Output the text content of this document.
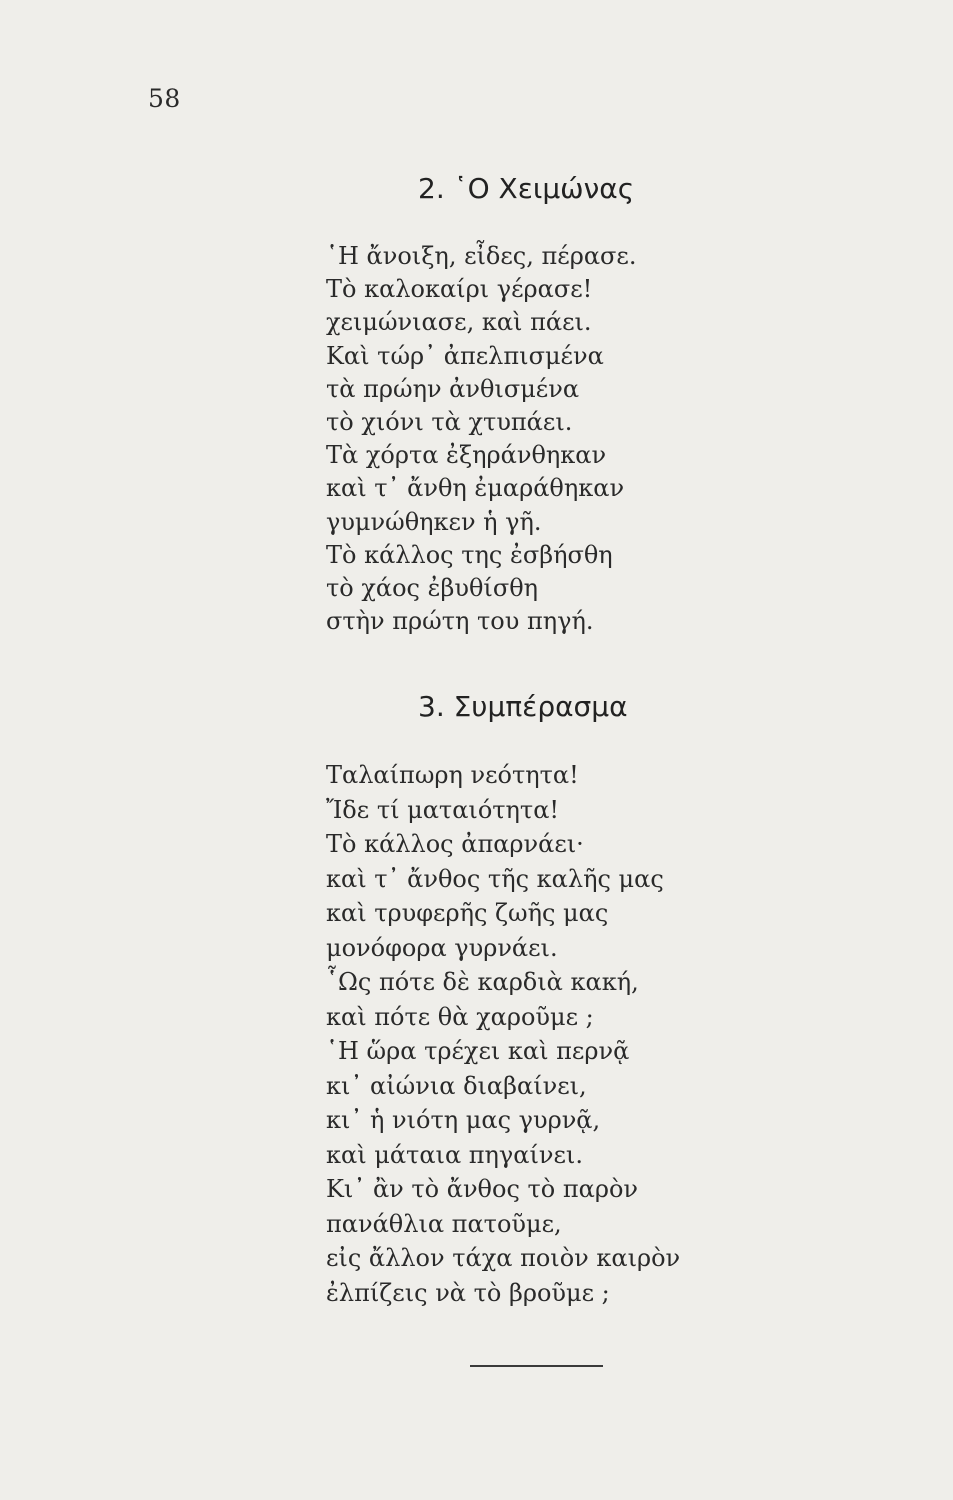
58
2. ῾Ο Χειμώνας
῾Η ἄνοιξη, εἶδες, πέρασε.
Τὸ καλοκαίρι γέρασε!
χειμώνιασε, καὶ πάει.
Καὶ τώρ᾽ ἀπελπισμένα
τὰ πρώην ἀνθισμένα
τὸ χιόνι τὰ χτυπάει.
Τὰ χόρτα ἐξηράνθηκαν
καὶ τ᾽ ἄνθη ἐμαράθηκαν
γυμνώθηκεν ἡ γῆ.
Τὸ κάλλος της ἐσβήσθη
τὸ χάος ἐβυθίσθη
στὴν πρώτη του πηγή.
3. Συμπέρασμα
Ταλαίπωρη νεότητα!
Ἴδε τί ματαιότητα!
Τὸ κάλλος ἀπαρνάει·
καὶ τ᾽ ἄνθος τῆς καλῆς μας
καὶ τρυφερῆς ζωῆς μας
μονόφορα γυρνάει.
῟Ως πότε δὲ καρδιὰ κακή,
καὶ πότε θὰ χαροῦμε ;
῾Η ὥρα τρέχει καὶ περνᾷ
κι᾽ αἰώνια διαβαίνει,
κι᾽ ἡ νιότη μας γυρνᾷ,
καὶ μάταια πηγαίνει.
Κι᾽ ἂν τὸ ἄνθος τὸ παρὸν
πανάθλια πατοῦμε,
εἰς ἄλλον τάχα ποιὸν καιρὸν
ἐλπίζεις νὰ τὸ βροῦμε ;
